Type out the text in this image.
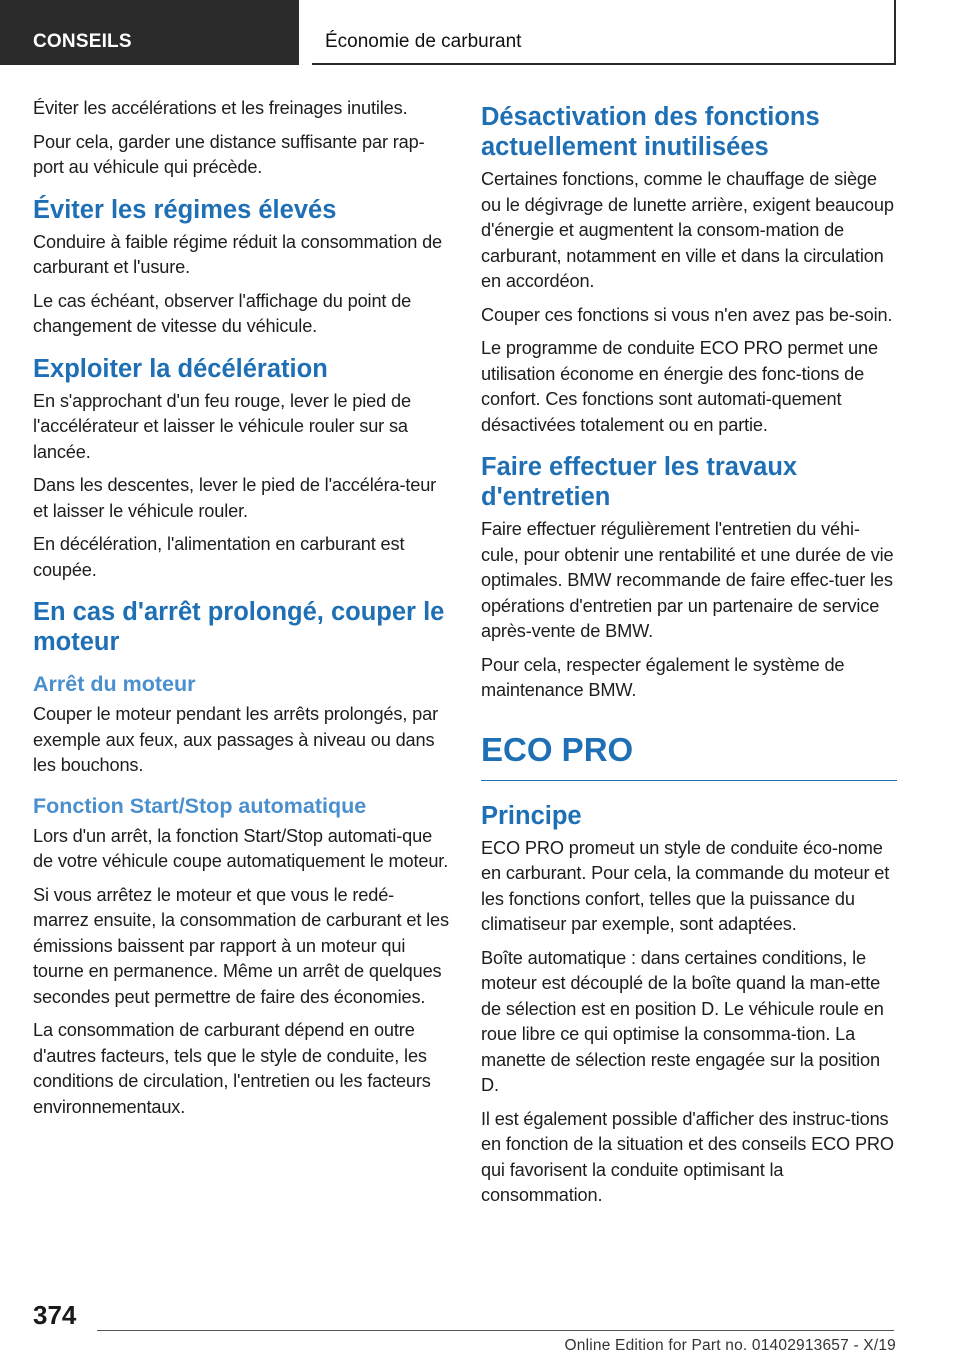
CONSEILS	Économie de carburant

Éviter les accélérations et les freinages inutiles.

Pour cela, garder une distance suffisante par rap‐port au véhicule qui précède.

Éviter les régimes élevés

Conduire à faible régime réduit la consommation de carburant et l'usure.

Le cas échéant, observer l'affichage du point de changement de vitesse du véhicule.

Exploiter la décélération

En s'approchant d'un feu rouge, lever le pied de l'accélérateur et laisser le véhicule rouler sur sa lancée.

Dans les descentes, lever le pied de l'accéléra‐teur et laisser le véhicule rouler.

En décélération, l'alimentation en carburant est coupée.

En cas d'arrêt prolongé, couper le moteur
Arrêt du moteur

Couper le moteur pendant les arrêts prolongés, par exemple aux feux, aux passages à niveau ou dans les bouchons.

Fonction Start/Stop automatique

Lors d'un arrêt, la fonction Start/Stop automati‐que de votre véhicule coupe automatiquement le moteur.

Si vous arrêtez le moteur et que vous le redé‐marrez ensuite, la consommation de carburant et les émissions baissent par rapport à un moteur qui tourne en permanence. Même un arrêt de quelques secondes peut permettre de faire des économies.

La consommation de carburant dépend en outre d'autres facteurs, tels que le style de conduite, les conditions de circulation, l'entretien ou les facteurs environnementaux.

Désactivation des fonctions actuellement inutilisées

Certaines fonctions, comme le chauffage de siège ou le dégivrage de lunette arrière, exigent beaucoup d'énergie et augmentent la consom‐mation de carburant, notamment en ville et dans la circulation en accordéon.

Couper ces fonctions si vous n'en avez pas be‐soin.

Le programme de conduite ECO PRO permet une utilisation économe en énergie des fonc‐tions de confort. Ces fonctions sont automati‐quement désactivées totalement ou en partie.

Faire effectuer les travaux d'entretien

Faire effectuer régulièrement l'entretien du véhi‐cule, pour obtenir une rentabilité et une durée de vie optimales. BMW recommande de faire effec‐tuer les opérations d'entretien par un partenaire de service après-vente de BMW.

Pour cela, respecter également le système de maintenance BMW.

ECO PRO
Principe

ECO PRO promeut un style de conduite éco‐nome en carburant. Pour cela, la commande du moteur et les fonctions confort, telles que la puissance du climatiseur par exemple, sont adaptées.

Boîte automatique : dans certaines conditions, le moteur est découplé de la boîte quand la man‐ette de sélection est en position D. Le véhicule roule en roue libre ce qui optimise la consomma‐tion. La manette de sélection reste engagée sur la position D.

Il est également possible d'afficher des instruc‐tions en fonction de la situation et des conseils ECO PRO qui favorisent la conduite optimisant la consommation.

374
Online Edition for Part no. 01402913657 - X/19
